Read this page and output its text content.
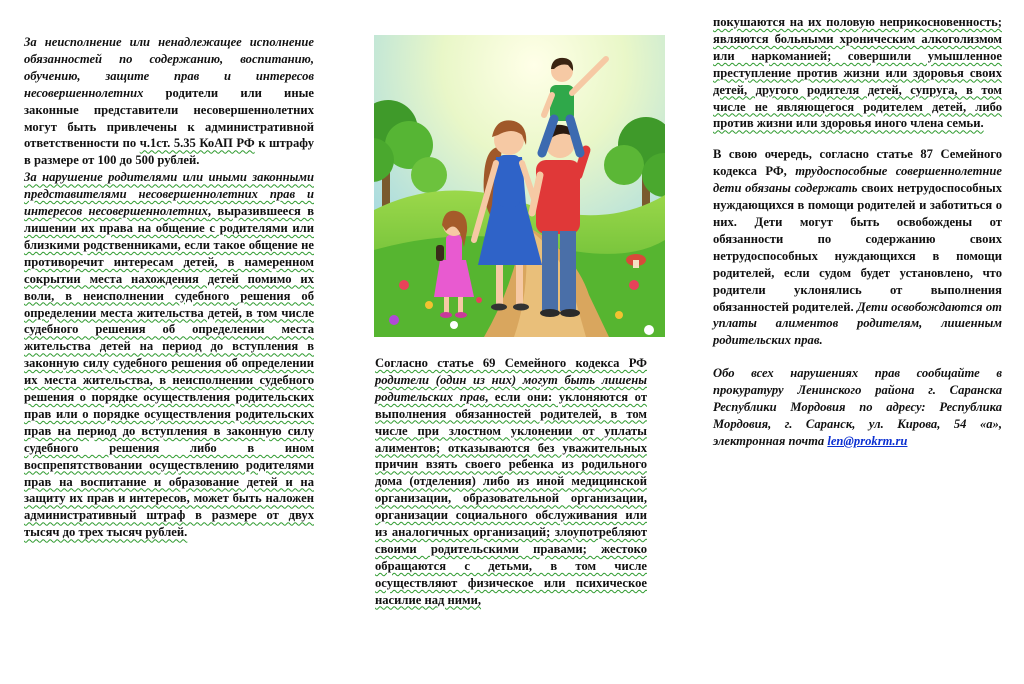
За неисполнение или ненадлежащее исполнение обязанностей по содержанию, воспитанию, обучению, защите прав и интересов несовершеннолетних родители или иные законные представители несовершеннолетних могут быть привлечены к административной ответственности по ч.1ст. 5.35 КоАП РФ к штрафу в размере от 100 до 500 рублей.

За нарушение родителями или иными законными представителями несовершеннолетних прав и интересов несовершеннолетних, выразившееся в лишении их права на общение с родителями или близкими родственниками, если такое общение не противоречит интересам детей, в намеренном сокрытии места нахождения детей помимо их воли, в неисполнении судебного решения об определении места жительства детей, в том числе судебного решения об определении места жительства детей на период до вступления в законную силу судебного решения об определении их места жительства, в неисполнении судебного решения о порядке осуществления родительских прав или о порядке осуществления родительских прав на период до вступления в законную силу судебного решения либо в ином воспрепятствовании осуществлению родителями прав на воспитание и образование детей и на защиту их прав и интересов, может быть наложен административный штраф в размере от двух тысяч до трех тысяч рублей.

Согласно статье 69 Семейного кодекса РФ родители (один из них) могут быть лишены родительских прав, если они: уклоняются от выполнения обязанностей родителей, в том числе при злостном уклонении от уплаты алиментов; отказываются без уважительных причин взять своего ребенка из родильного дома (отделения) либо из иной медицинской организации, образовательной организации, организации социального обслуживания или из аналогичных организаций; злоупотребляют своими родительскими правами; жестоко обращаются с детьми, в том числе осуществляют физическое или психическое насилие над ними,

покушаются на их половую неприкосновенность; являются больными хроническим алкоголизмом или наркоманией; совершили умышленное преступление против жизни или здоровья своих детей, другого родителя детей, супруга, в том числе не являющегося родителем детей, либо против жизни или здоровья иного члена семьи.

В свою очередь, согласно статье 87 Семейного кодекса РФ, трудоспособные совершеннолетние дети обязаны содержать своих нетрудоспособных нуждающихся в помощи родителей и заботиться о них. Дети могут быть освобождены от обязанности по содержанию своих нетрудоспособных нуждающихся в помощи родителей, если судом будет установлено, что родители уклонялись от выполнения обязанностей родителей. Дети освобождаются от уплаты алиментов родителям, лишенным родительских прав.

Обо всех нарушениях прав сообщайте в прокуратуру Ленинского района г. Саранска Республики Мордовия по адресу: Республика Мордовия, г. Саранск, ул. Кирова, 54 «а», электронная почта len@prokrm.ru
